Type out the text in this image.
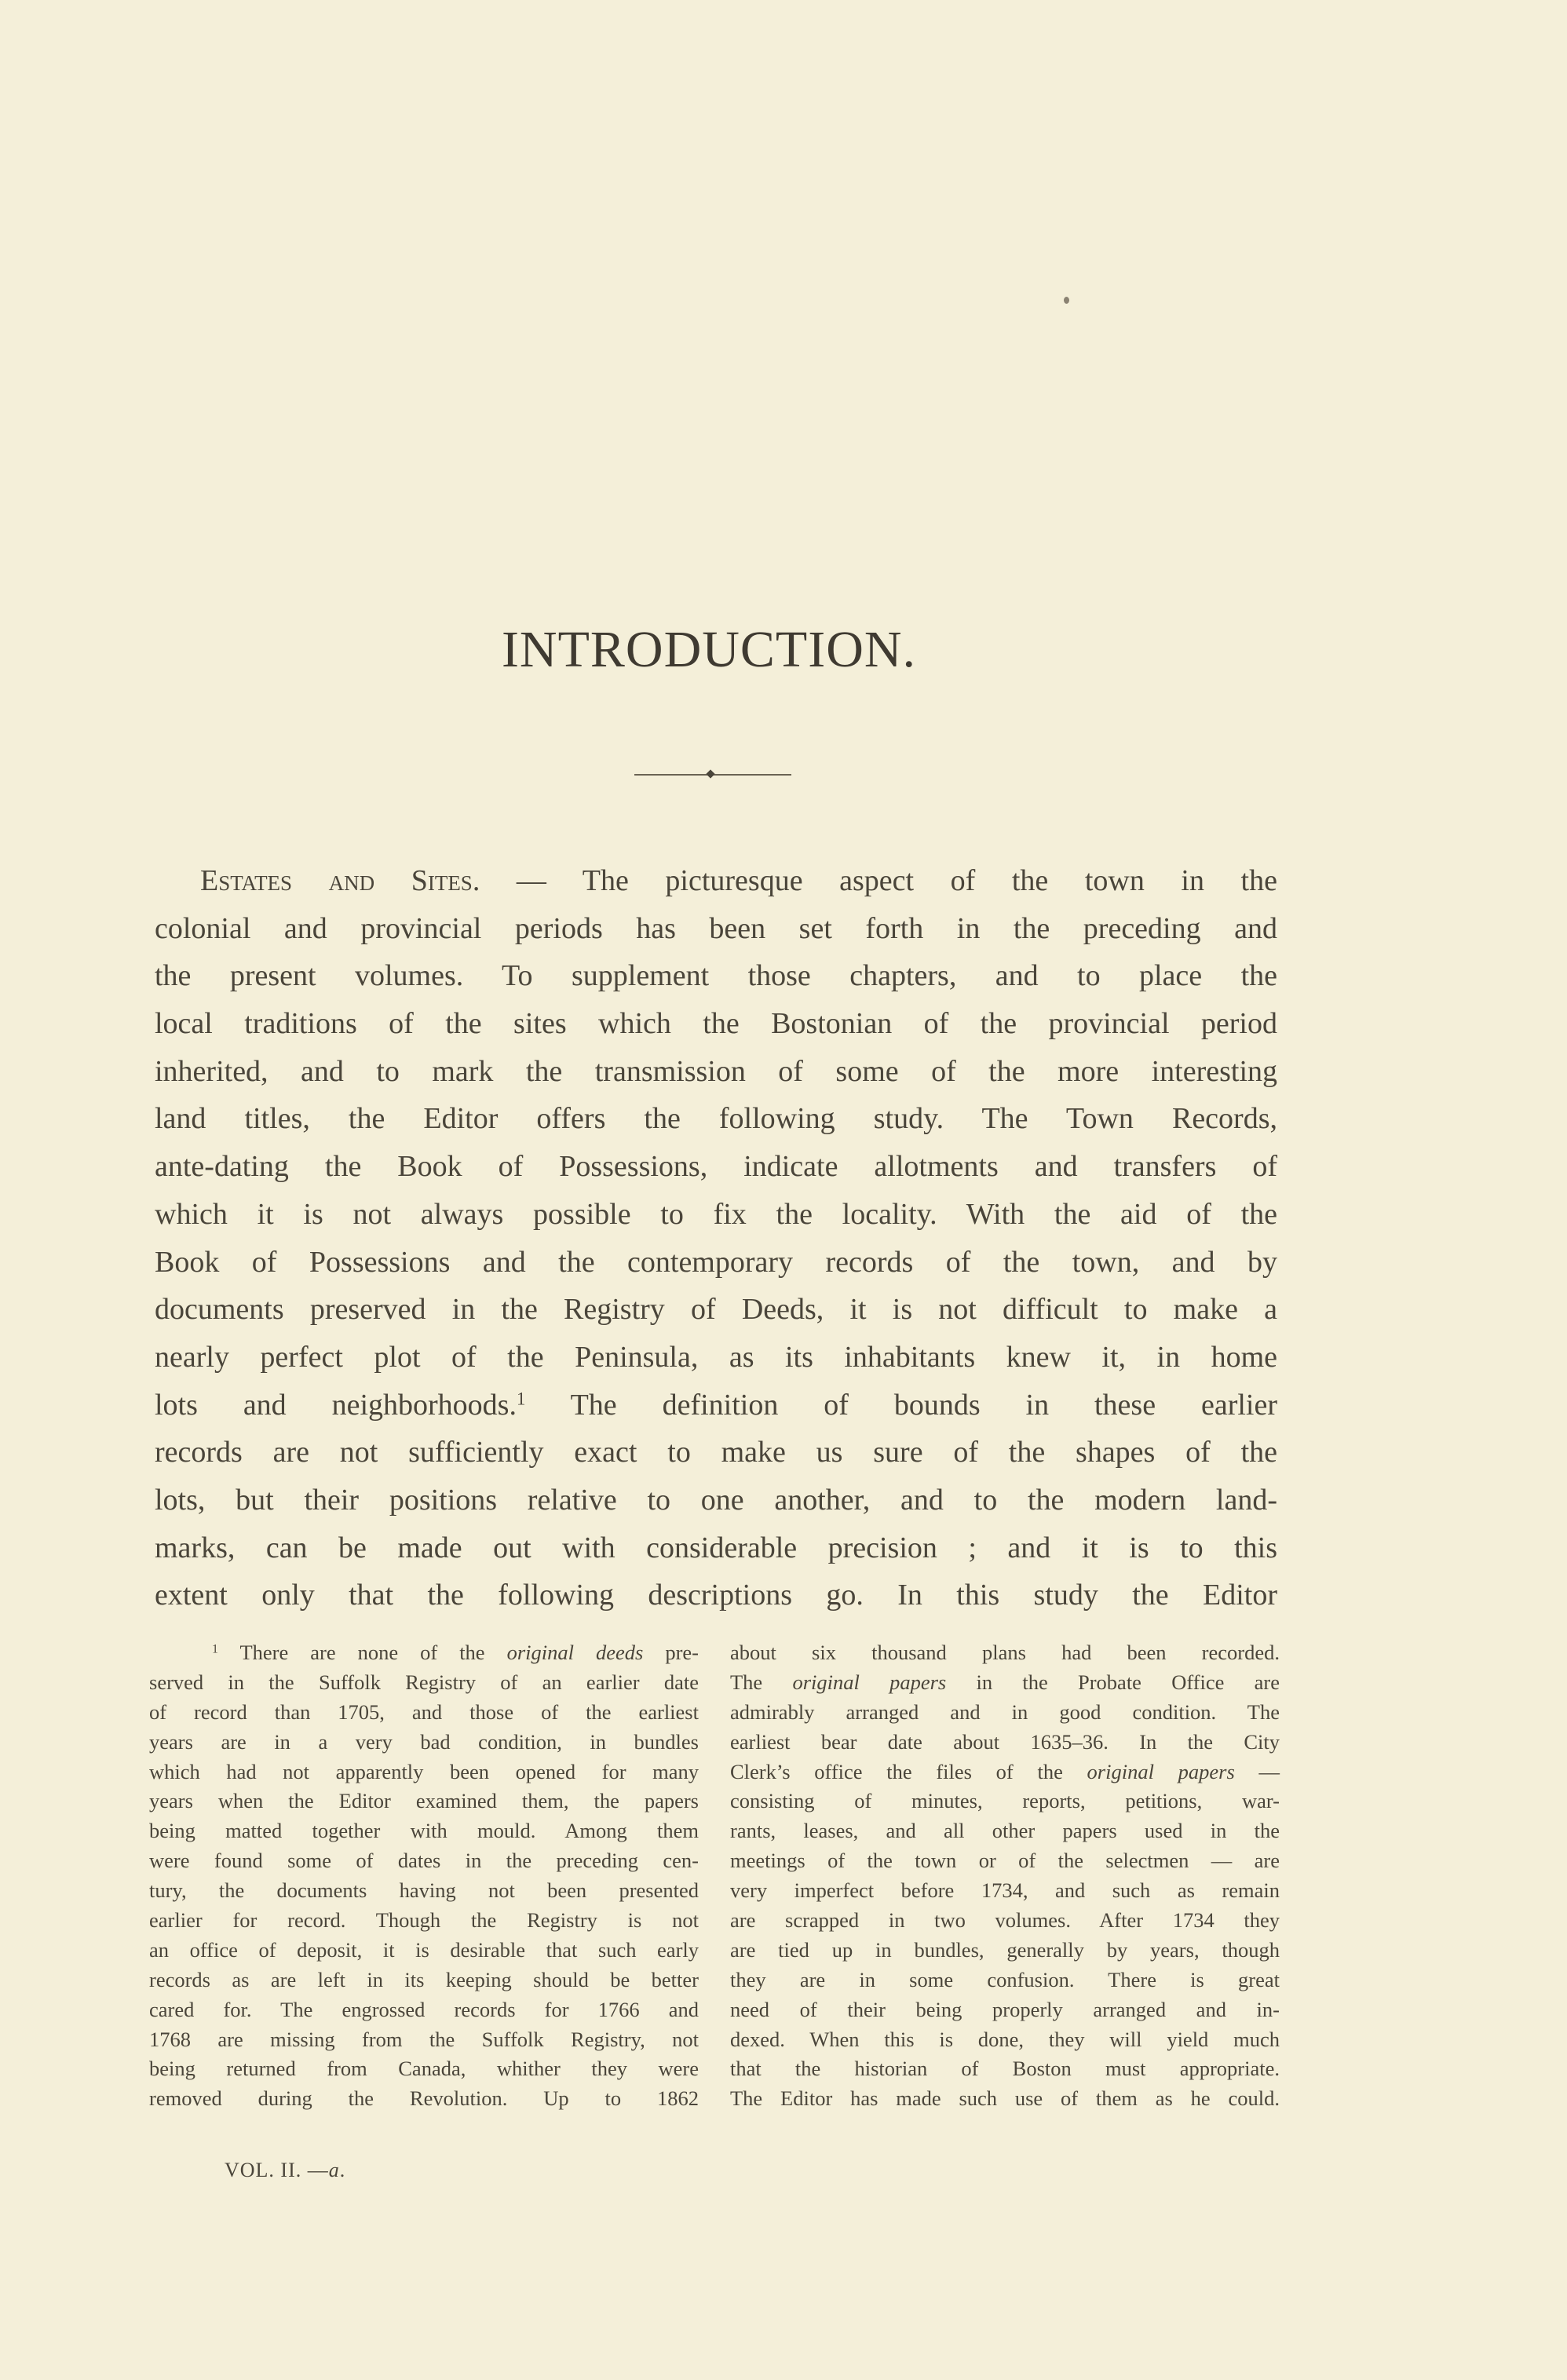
INTRODUCTION.
Estates and Sites. — The picturesque aspect of the town in the
colonial and provincial periods has been set forth in the preceding and
the present volumes. To supplement those chapters, and to place the
local traditions of the sites which the Bostonian of the provincial period
inherited, and to mark the transmission of some of the more interesting
land titles, the Editor offers the following study. The Town Records,
ante-dating the Book of Possessions, indicate allotments and transfers of
which it is not always possible to fix the locality. With the aid of the
Book of Possessions and the contemporary records of the town, and by
documents preserved in the Registry of Deeds, it is not difficult to make a
nearly perfect plot of the Peninsula, as its inhabitants knew it, in home
lots and neighborhoods.$^1$ The definition of bounds in these earlier
records are not sufficiently exact to make us sure of the shapes of the
lots, but their positions relative to one another, and to the modern land-
marks, can be made out with considerable precision ; and it is to this
extent only that the following descriptions go. In this study the Editor
$^1$ There are none of the original deeds pre-
served in the Suffolk Registry of an earlier date
of record than 1705, and those of the earliest
years are in a very bad condition, in bundles
which had not apparently been opened for many
years when the Editor examined them, the papers
being matted together with mould. Among them
were found some of dates in the preceding cen-
tury, the documents having not been presented
earlier for record. Though the Registry is not
an office of deposit, it is desirable that such early
records as are left in its keeping should be better
cared for. The engrossed records for 1766 and
1768 are missing from the Suffolk Registry, not
being returned from Canada, whither they were
removed during the Revolution. Up to 1862
about six thousand plans had been recorded.
The original papers in the Probate Office are
admirably arranged and in good condition. The
earliest bear date about 1635–36. In the City
Clerk’s office the files of the original papers —
consisting of minutes, reports, petitions, war-
rants, leases, and all other papers used in the
meetings of the town or of the selectmen — are
very imperfect before 1734, and such as remain
are scrapped in two volumes. After 1734 they
are tied up in bundles, generally by years, though
they are in some confusion. There is great
need of their being properly arranged and in-
dexed. When this is done, they will yield much
that the historian of Boston must appropriate.
The Editor has made such use of them as he could.
VOL. II. —a.
